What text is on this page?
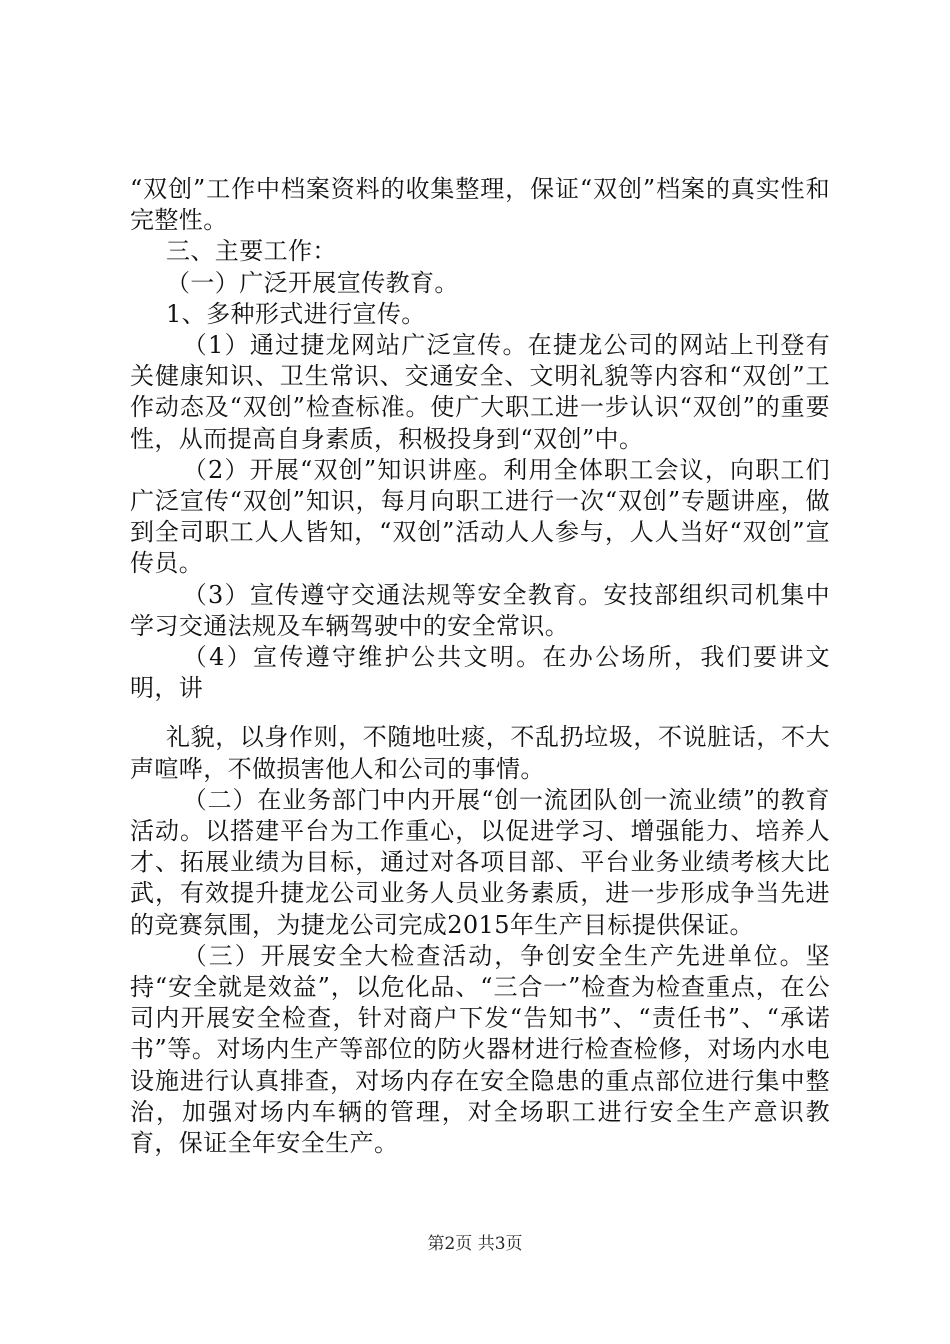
“双创”工作中档案资料的收集整理，保证“双创”档案的真实性和完整性。

三、主要工作：

（一）广泛开展宣传教育。

1、多种形式进行宣传。

（1）通过捷龙网站广泛宣传。在捷龙公司的网站上刊登有关健康知识、卫生常识、交通安全、文明礼貌等内容和“双创”工作动态及“双创”检查标准。使广大职工进一步认识“双创”的重要性，从而提高自身素质，积极投身到“双创”中。

（2）开展“双创”知识讲座。利用全体职工会议，向职工们广泛宣传“双创”知识，每月向职工进行一次“双创”专题讲座，做到全司职工人人皆知，“双创”活动人人参与，人人当好“双创”宣传员。

（3）宣传遵守交通法规等安全教育。安技部组织司机集中学习交通法规及车辆驾驶中的安全常识。

（4）宣传遵守维护公共文明。在办公场所，我们要讲文明，讲

礼貌，以身作则，不随地吐痰，不乱扔垃圾，不说脏话，不大声喧哗，不做损害他人和公司的事情。

（二）在业务部门中内开展“创一流团队创一流业绩”的教育活动。以搭建平台为工作重心，以促进学习、增强能力、培养人才、拓展业绩为目标，通过对各项目部、平台业务业绩考核大比武，有效提升捷龙公司业务人员业务素质，进一步形成争当先进的竞赛氛围，为捷龙公司完成2015年生产目标提供保证。

（三）开展安全大检查活动，争创安全生产先进单位。坚持“安全就是效益”，以危化品、“三合一”检查为检查重点，在公司内开展安全检查，针对商户下发“告知书”、“责任书”、“承诺书”等。对场内生产等部位的防火器材进行检查检修，对场内水电设施进行认真排查，对场内存在安全隐患的重点部位进行集中整治，加强对场内车辆的管理，对全场职工进行安全生产意识教育，保证全年安全生产。

第2页 共3页
